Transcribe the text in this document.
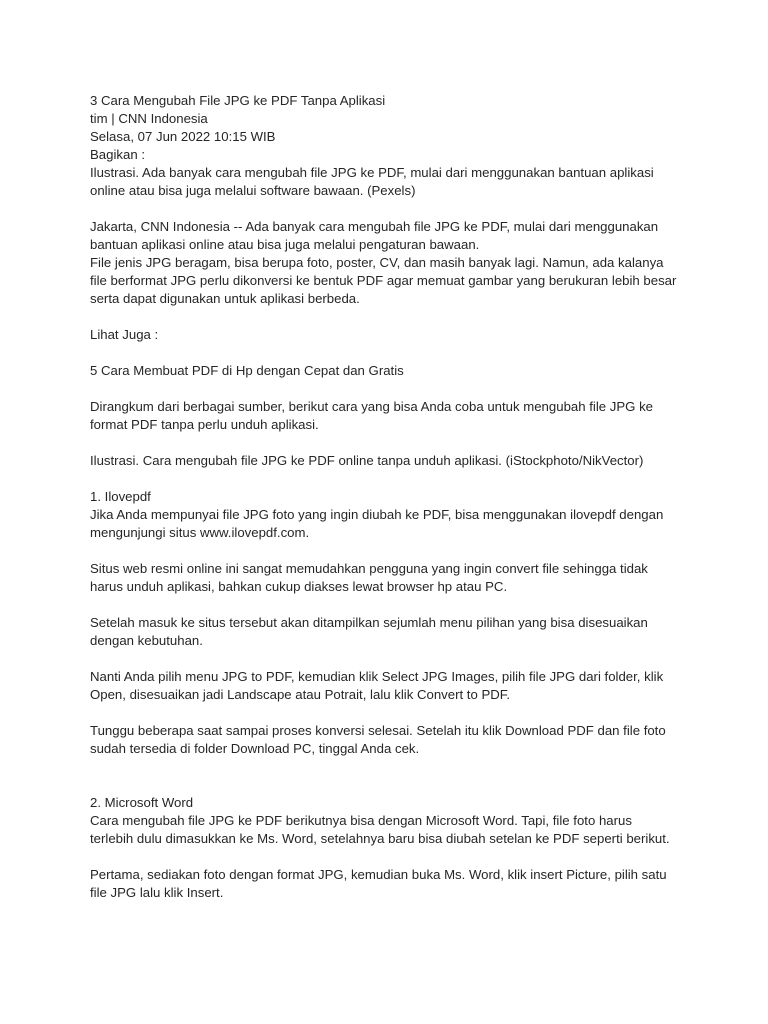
3 Cara Mengubah File JPG ke PDF Tanpa Aplikasi

tim | CNN Indonesia

Selasa, 07 Jun 2022 10:15 WIB

Bagikan :

Ilustrasi. Ada banyak cara mengubah file JPG ke PDF, mulai dari menggunakan bantuan aplikasi

online atau bisa juga melalui software bawaan. (Pexels)

Jakarta, CNN Indonesia -- Ada banyak cara mengubah file JPG ke PDF, mulai dari menggunakan

bantuan aplikasi online atau bisa juga melalui pengaturan bawaan.

File jenis JPG beragam, bisa berupa foto, poster, CV, dan masih banyak lagi. Namun, ada kalanya

file berformat JPG perlu dikonversi ke bentuk PDF agar memuat gambar yang berukuran lebih besar

serta dapat digunakan untuk aplikasi berbeda.

Lihat Juga :

5 Cara Membuat PDF di Hp dengan Cepat dan Gratis

Dirangkum dari berbagai sumber, berikut cara yang bisa Anda coba untuk mengubah file JPG ke

format PDF tanpa perlu unduh aplikasi.

Ilustrasi. Cara mengubah file JPG ke PDF online tanpa unduh aplikasi. (iStockphoto/NikVector)

1. Ilovepdf

Jika Anda mempunyai file JPG foto yang ingin diubah ke PDF, bisa menggunakan ilovepdf dengan

mengunjungi situs www.ilovepdf.com.

Situs web resmi online ini sangat memudahkan pengguna yang ingin convert file sehingga tidak

harus unduh aplikasi, bahkan cukup diakses lewat browser hp atau PC.

Setelah masuk ke situs tersebut akan ditampilkan sejumlah menu pilihan yang bisa disesuaikan

dengan kebutuhan.

Nanti Anda pilih menu JPG to PDF, kemudian klik Select JPG Images, pilih file JPG dari folder, klik

Open, disesuaikan jadi Landscape atau Potrait, lalu klik Convert to PDF.

Tunggu beberapa saat sampai proses konversi selesai. Setelah itu klik Download PDF dan file foto

sudah tersedia di folder Download PC, tinggal Anda cek.

2. Microsoft Word

Cara mengubah file JPG ke PDF berikutnya bisa dengan Microsoft Word. Tapi, file foto harus

terlebih dulu dimasukkan ke Ms. Word, setelahnya baru bisa diubah setelan ke PDF seperti berikut.

Pertama, sediakan foto dengan format JPG, kemudian buka Ms. Word, klik insert Picture, pilih satu

file JPG lalu klik Insert.
